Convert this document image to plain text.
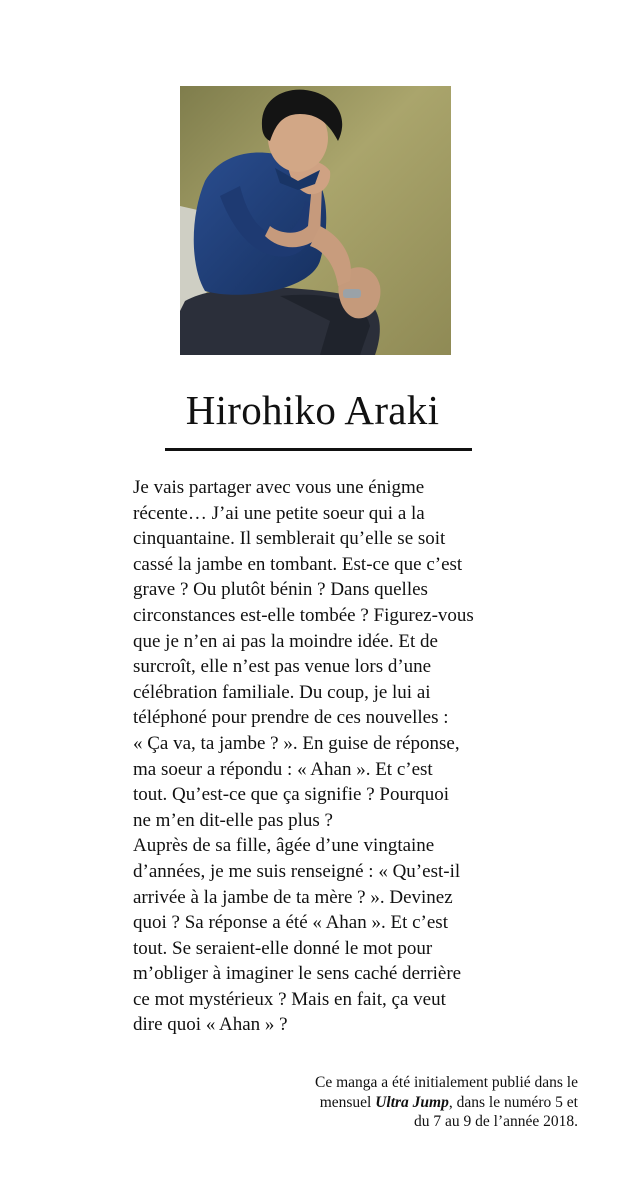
Hirohiko Araki

Je vais partager avec vous une énigme
récente… J’ai une petite soeur qui a la
cinquantaine. Il semblerait qu’elle se soit
cassé la jambe en tombant. Est-ce que c’est
grave ? Ou plutôt bénin ? Dans quelles
circonstances est-elle tombée ? Figurez-vous
que je n’en ai pas la moindre idée. Et de
surcroît, elle n’est pas venue lors d’une
célébration familiale. Du coup, je lui ai
téléphoné pour prendre de ces nouvelles :
« Ça va, ta jambe ? ». En guise de réponse,
ma soeur a répondu : « Ahan ». Et c’est
tout. Qu’est-ce que ça signifie ? Pourquoi
ne m’en dit-elle pas plus ?

Auprès de sa fille, âgée d’une vingtaine
d’années, je me suis renseigné : « Qu’est-il
arrivée à la jambe de ta mère ? ». Devinez
quoi ? Sa réponse a été « Ahan ». Et c’est
tout. Se seraient-elle donné le mot pour
m’obliger à imaginer le sens caché derrière
ce mot mystérieux ? Mais en fait, ça veut
dire quoi « Ahan » ?

Ce manga a été initialement publié dans le
mensuel Ultra Jump, dans le numéro 5 et
du 7 au 9 de l’année 2018.
